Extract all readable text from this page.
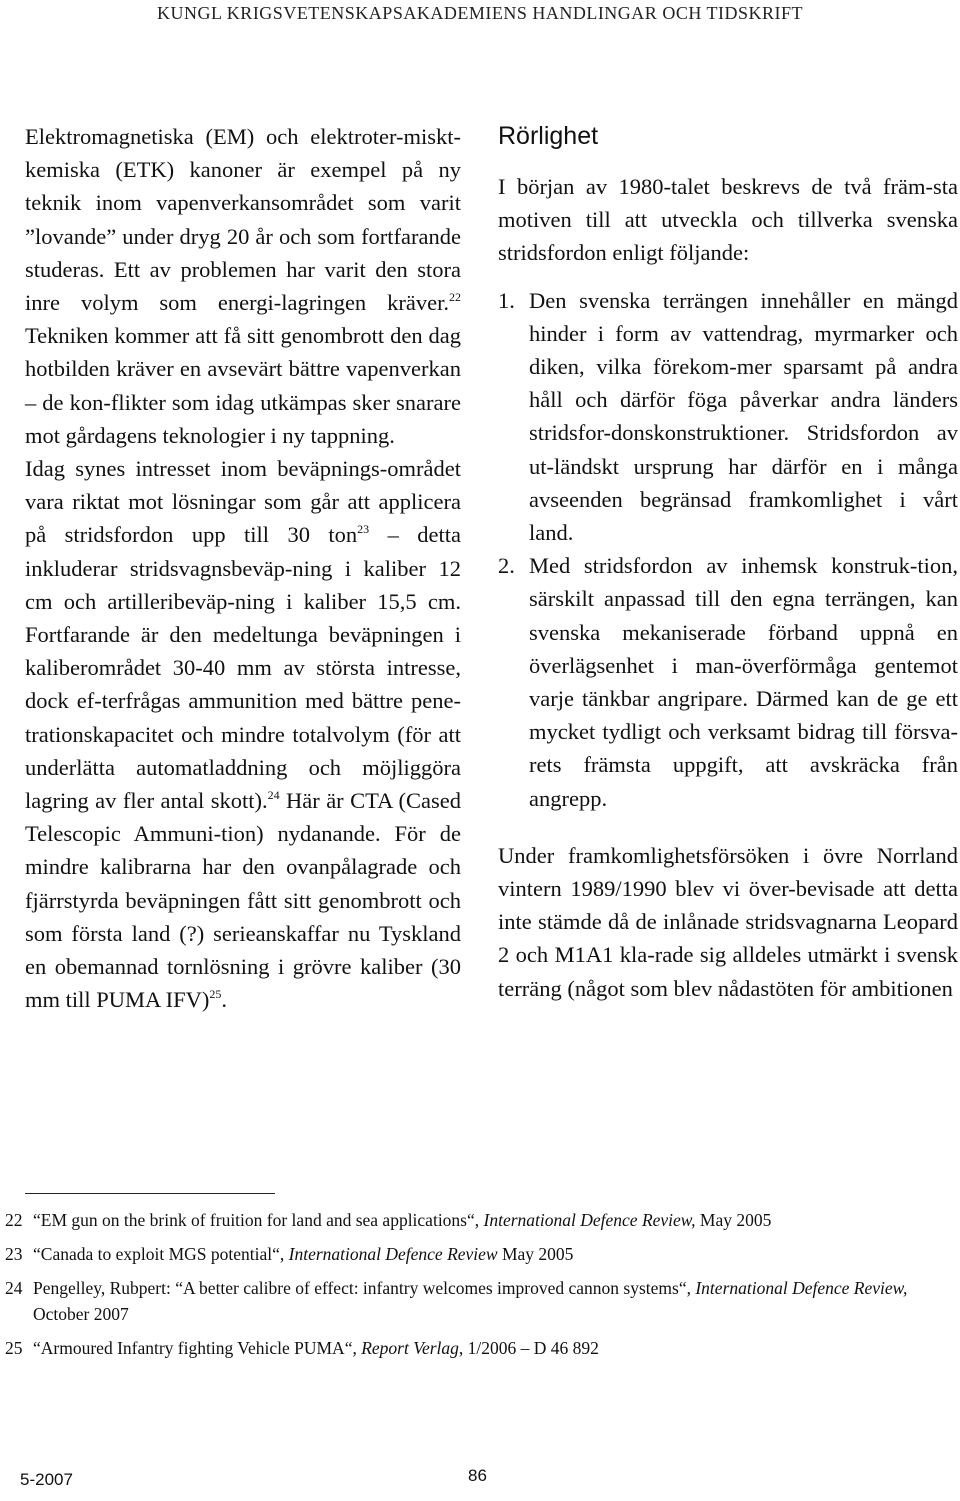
KUNGL KRIGSVETENSKAPSAKADEMIENS HANDLINGAR OCH TIDSKRIFT

Elektromagnetiska (EM) och elektroter-miskt-kemiska (ETK) kanoner är exempel på ny teknik inom vapenverkansområdet som varit ”lovande” under dryg 20 år och som fortfarande studeras. Ett av problemen har varit den stora inre volym som energi-lagringen kräver.$^{22}$ Tekniken kommer att få sitt genombrott den dag hotbilden kräver en avsevärt bättre vapenverkan – de kon-flikter som idag utkämpas sker snarare mot gårdagens teknologier i ny tappning.

Idag synes intresset inom beväpnings-området vara riktat mot lösningar som går att applicera på stridsfordon upp till 30 ton$^{23}$ – detta inkluderar stridsvagnsbeväp-ning i kaliber 12 cm och artilleribeväp-ning i kaliber 15,5 cm. Fortfarande är den medeltunga beväpningen i kaliberområdet 30-40 mm av största intresse, dock ef-terfrågas ammunition med bättre pene-trationskapacitet och mindre totalvolym (för att underlätta automatladdning och möjliggöra lagring av fler antal skott).$^{24}$ Här är CTA (Cased Telescopic Ammuni-tion) nydanande. För de mindre kalibrarna har den ovanpålagrade och fjärrstyrda beväpningen fått sitt genombrott och som första land (?) serieanskaffar nu Tyskland en obemannad tornlösning i grövre kaliber (30 mm till PUMA IFV)$^{25}$.

Rörlighet

I början av 1980-talet beskrevs de två främ-sta motiven till att utveckla och tillverka svenska stridsfordon enligt följande:

1. Den svenska terrängen innehåller en mängd hinder i form av vattendrag, myrmarker och diken, vilka förekom-mer sparsamt på andra håll och därför föga påverkar andra länders stridsfor-donskonstruktioner. Stridsfordon av ut-ländskt ursprung har därför en i många avseenden begränsad framkomlighet i vårt land.
2. Med stridsfordon av inhemsk konstruk-tion, särskilt anpassad till den egna terrängen, kan svenska mekaniserade förband uppnå en överlägsenhet i man-överförmåga gentemot varje tänkbar angripare. Därmed kan de ge ett mycket tydligt och verksamt bidrag till försva-rets främsta uppgift, att avskräcka från angrepp.

Under framkomlighetsförsöken i övre Norrland vintern 1989/1990 blev vi över-bevisade att detta inte stämde då de inlånade stridsvagnarna Leopard 2 och M1A1 kla-rade sig alldeles utmärkt i svensk terräng (något som blev nådastöten för ambitionen

22 “EM gun on the brink of fruition for land and sea applications“, International Defence Review, May 2005
23 “Canada to exploit MGS potential“, International Defence Review May 2005
24 Pengelley, Rubpert: “A better calibre of effect: infantry welcomes improved cannon systems“, International Defence Review, October 2007
25 “Armoured Infantry fighting Vehicle PUMA“, Report Verlag, 1/2006 – D 46 892
5-2007	86
